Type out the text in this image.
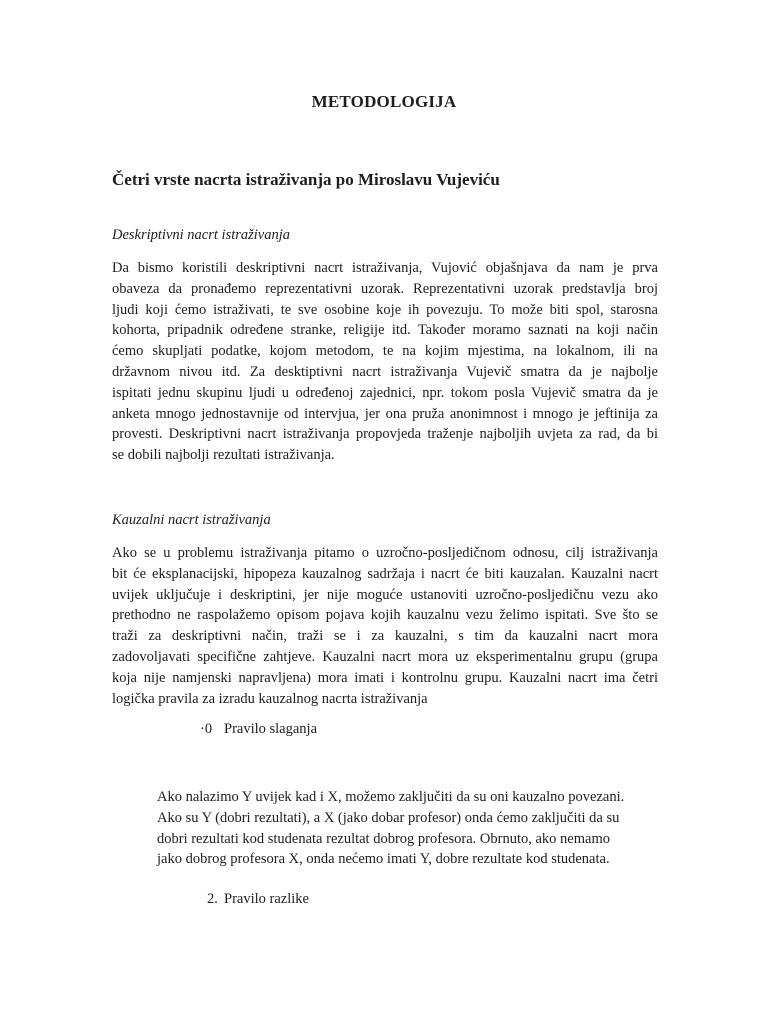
METODOLOGIJA
Četri vrste nacrta istraživanja po Miroslavu Vujeviću
Deskriptivni nacrt istraživanja
Da bismo koristili deskriptivni nacrt istraživanja, Vujović objašnjava da nam je prva
obaveza da pronađemo reprezentativni uzorak. Reprezentativni uzorak predstavlja broj
ljudi koji ćemo istraživati, te sve osobine koje ih povezuju. To može biti spol, starosna
kohorta, pripadnik određene stranke, religije itd. Također moramo saznati na koji način
ćemo skupljati podatke, kojom metodom, te na kojim mjestima, na lokalnom, ili na
državnom nivou itd. Za desktiptivni nacrt istraživanja Vujevič smatra da je najbolje
ispitati jednu skupinu ljudi u određenoj zajednici, npr. tokom posla Vujevič smatra da je
anketa mnogo jednostavnije od intervjua, jer ona pruža anonimnost i mnogo je jeftinija za
provesti. Deskriptivni nacrt istraživanja propovjeda traženje najboljih uvjeta za rad, da bi
se dobili najbolji rezultati istraživanja.
Kauzalni nacrt istraživanja
Ako se u problemu istraživanja pitamo o uzročno-posljedičnom odnosu, cilj istraživanja
bit će eksplanacijski, hipopeza kauzalnog sadržaja i nacrt će biti kauzalan. Kauzalni nacrt
uvijek uključuje i deskriptini, jer nije moguće ustanoviti uzročno-posljedičnu vezu ako
prethodno ne raspolažemo opisom pojava kojih kauzalnu vezu želimo ispitati. Sve što se
traži za deskriptivni način, traži se i za kauzalni, s tim da kauzalni nacrt mora
zadovoljavati specifične zahtjeve. Kauzalni nacrt mora uz eksperimentalnu grupu (grupa
koja nije namjenski napravljena) mora imati i kontrolnu grupu. Kauzalni nacrt ima četri
logička pravila za izradu kauzalnog nacrta istraživanja
·0 Pravilo slaganja
Ako nalazimo Y uvijek kad i X, možemo zaključiti da su oni kauzalno povezani.
Ako su Y (dobri rezultati), a X (jako dobar profesor) onda ćemo zaključiti da su
dobri rezultati kod studenata rezultat dobrog profesora. Obrnuto, ako nemamo
jako dobrog profesora X, onda nećemo imati Y, dobre rezultate kod studenata.
2. Pravilo razlike
